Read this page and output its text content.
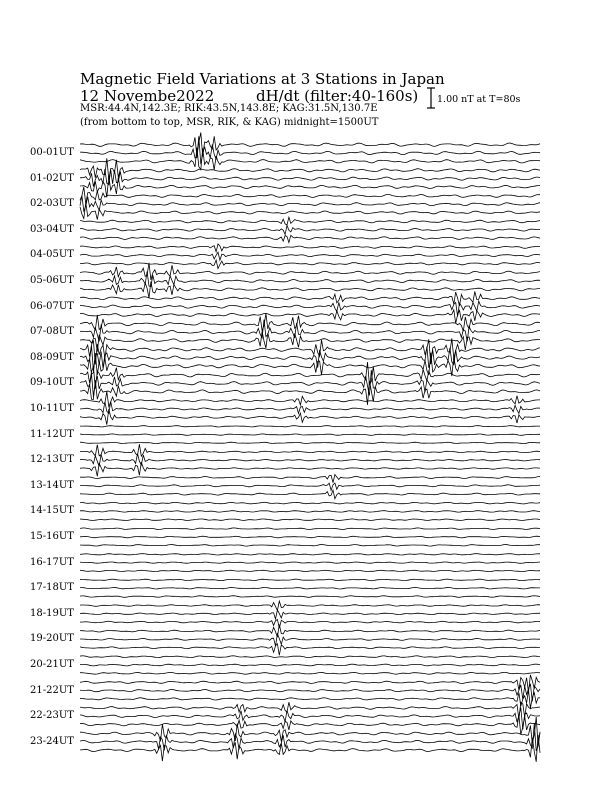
Magnetic Field Variations at 3 Stations in Japan
12 Novembe2022	dH/dt (filter:40-160s)
MSR:44.4N,142.3E; RIK:43.5N,143.8E; KAG:31.5N,130.7E
(from bottom to top, MSR, RIK, & KAG) midnight=1500UT
1.00 nT at T=80s
00-01UT
01-02UT
02-03UT
03-04UT
04-05UT
05-06UT
06-07UT
07-08UT
08-09UT
09-10UT
10-11UT
11-12UT
12-13UT
13-14UT
14-15UT
15-16UT
16-17UT
17-18UT
18-19UT
19-20UT
20-21UT
21-22UT
22-23UT
23-24UT
